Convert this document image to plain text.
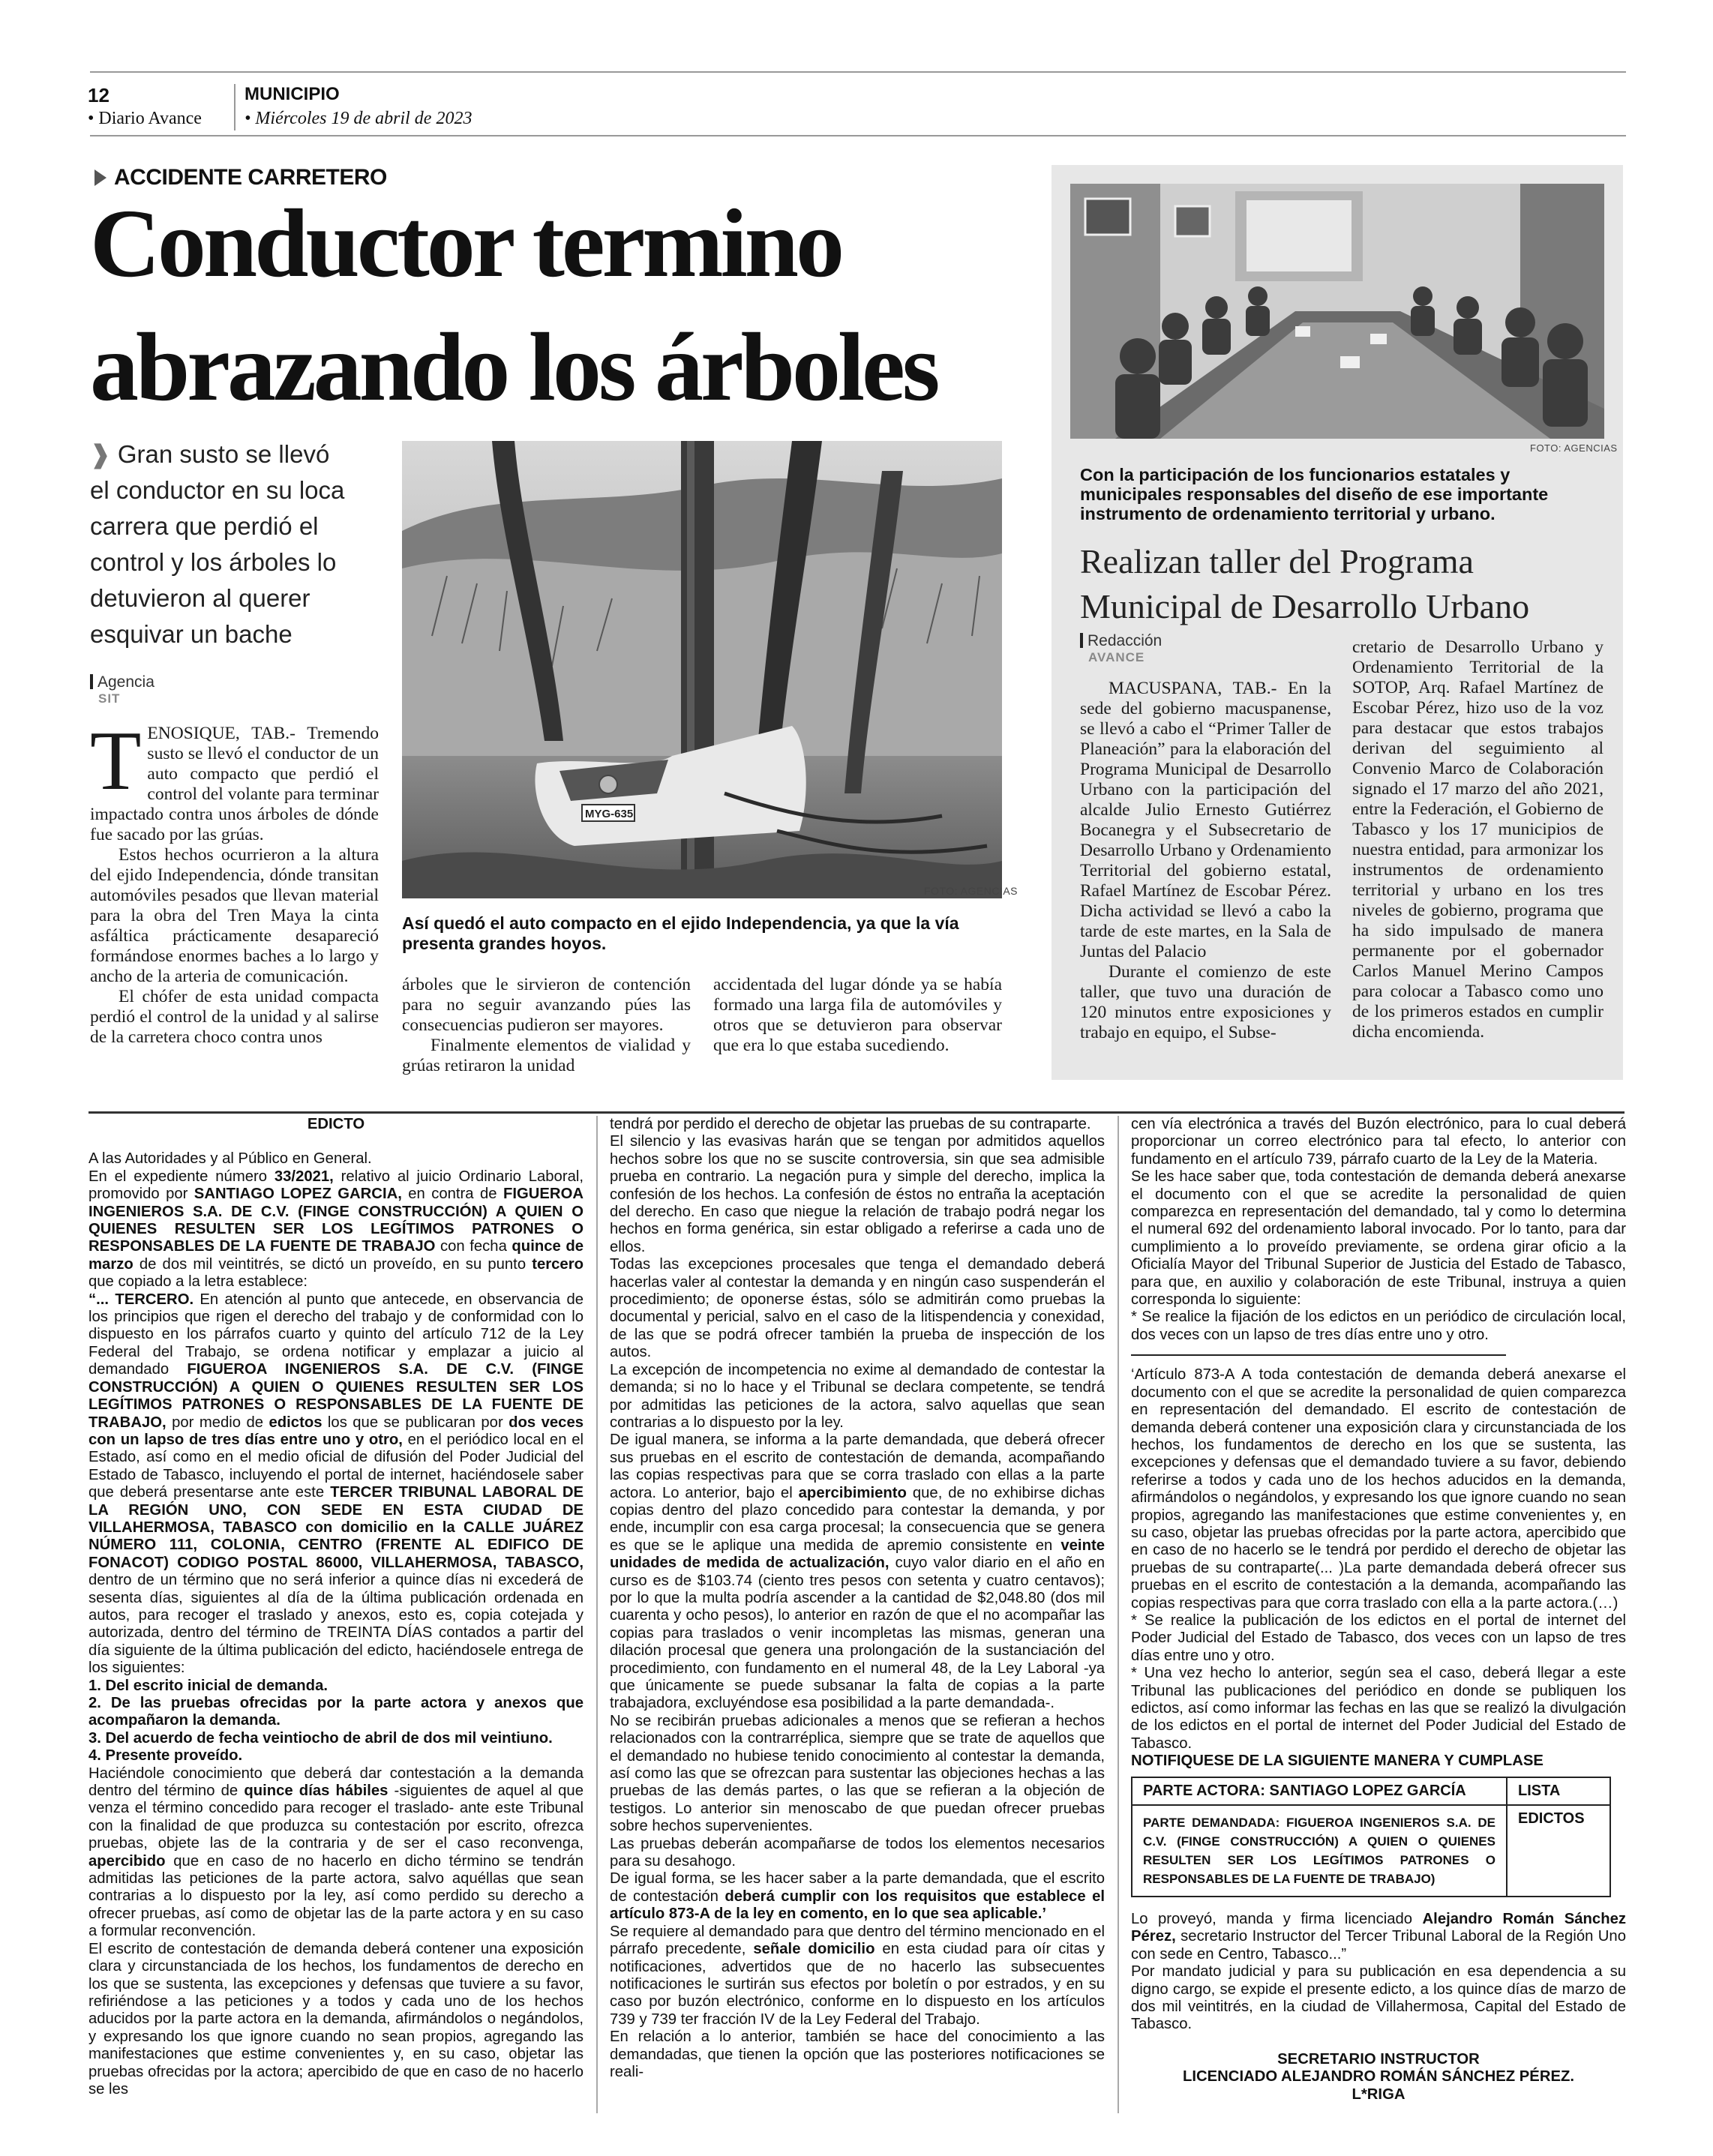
12
• Diario Avance
MUNICIPIO
• Miércoles 19 de abril de 2023
ACCIDENTE CARRETERO
Conductor termino
abrazando los árboles
❱ Gran susto se llevó el conductor en su loca carrera que perdió el control y los árboles lo detuvieron al querer esquivar un bache
Agencia
SIT

TENOSIQUE, TAB.- Tremendo susto se llevó el conductor de un auto compacto que perdió el control del volante para terminar impactado contra unos árboles de dónde fue sacado por las grúas.

Estos hechos ocurrieron a la altura del ejido Independencia, dónde transitan automóviles pesados que llevan material para la obra del Tren Maya la cinta asfáltica prácticamente desapareció formándose enormes baches a lo largo y ancho de la arteria de comunicación.

El chófer de esta unidad compacta perdió el control de la unidad y al salirse de la carretera choco contra unos

MYG-635
FOTO: AGENCIAS
Así quedó el auto compacto en el ejido Independencia, ya que la vía presenta grandes hoyos.

árboles que le sirvieron de contención para no seguir avanzando púes las consecuencias pudieron ser mayores.

Finalmente elementos de vialidad y grúas retiraron la unidad

accidentada del lugar dónde ya se había formado una larga fila de automóviles y otros que se detuvieron para observar que era lo que estaba sucediendo.

FOTO: AGENCIAS
Con la participación de los funcionarios estatales y municipales responsables del diseño de ese importante instrumento de ordenamiento territorial y urbano.
Realizan taller del Programa
Municipal de Desarrollo Urbano
Redacción
AVANCE

MACUSPANA, TAB.- En la sede del gobierno macuspanense, se llevó a cabo el “Primer Taller de Planeación” para la elaboración del Programa Municipal de Desarrollo Urbano con la participación del alcalde Julio Ernesto Gutiérrez Bocanegra y el Subsecretario de Desarrollo Urbano y Ordenamiento Territorial del gobierno estatal, Rafael Martínez de Escobar Pérez. Dicha actividad se llevó a cabo la tarde de este martes, en la Sala de Juntas del Palacio

Durante el comienzo de este taller, que tuvo una duración de 120 minutos entre exposiciones y trabajo en equipo, el Subse-

cretario de Desarrollo Urbano y Ordenamiento Territorial de la SOTOP, Arq. Rafael Martínez de Escobar Pérez, hizo uso de la voz para destacar que estos trabajos derivan del seguimiento al Convenio Marco de Colaboración signado el 17 marzo del año 2021, entre la Federación, el Gobierno de Tabasco y los 17 municipios de nuestra entidad, para armonizar los instrumentos de ordenamiento territorial y urbano en los tres niveles de gobierno, programa que ha sido impulsado de manera permanente por el gobernador Carlos Manuel Merino Campos para colocar a Tabasco como uno de los primeros estados en cumplir dicha encomienda.

EDICTO

A las Autoridades y al Público en General.

En el expediente número 33/2021, relativo al juicio Ordinario Laboral, promovido por SANTIAGO LOPEZ GARCIA, en contra de FIGUEROA INGENIEROS S.A. DE C.V. (FINGE CONSTRUCCIÓN) A QUIEN O QUIENES RESULTEN SER LOS LEGÍTIMOS PATRONES O RESPONSABLES DE LA FUENTE DE TRABAJO con fecha quince de marzo de dos mil veintitrés, se dictó un proveído, en su punto tercero que copiado a la letra establece:

“... TERCERO. En atención al punto que antecede, en observancia de los principios que rigen el derecho del trabajo y de conformidad con lo dispuesto en los párrafos cuarto y quinto del artículo 712 de la Ley Federal del Trabajo, se ordena notificar y emplazar a juicio al demandado FIGUEROA INGENIEROS S.A. DE C.V. (FINGE CONSTRUCCIÓN) A QUIEN O QUIENES RESULTEN SER LOS LEGÍTIMOS PATRONES O RESPONSABLES DE LA FUENTE DE TRABAJO, por medio de edictos los que se publicaran por dos veces con un lapso de tres días entre uno y otro, en el periódico local en el Estado, así como en el medio oficial de difusión del Poder Judicial del Estado de Tabasco, incluyendo el portal de internet, haciéndosele saber que deberá presentarse ante este TERCER TRIBUNAL LABORAL DE LA REGIÓN UNO, CON SEDE EN ESTA CIUDAD DE VILLAHERMOSA, TABASCO con domicilio en la CALLE JUÁREZ NÚMERO 111, COLONIA, CENTRO (FRENTE AL EDIFICO DE FONACOT) CODIGO POSTAL 86000, VILLAHERMOSA, TABASCO, dentro de un término que no será inferior a quince días ni excederá de sesenta días, siguientes al día de la última publicación ordenada en autos, para recoger el traslado y anexos, esto es, copia cotejada y autorizada, dentro del término de TREINTA DÍAS contados a partir del día siguiente de la última publicación del edicto, haciéndosele entrega de los siguientes:

1. Del escrito inicial de demanda.

2. De las pruebas ofrecidas por la parte actora y anexos que acompañaron la demanda.

3. Del acuerdo de fecha veintiocho de abril de dos mil veintiuno.

4. Presente proveído.

Haciéndole conocimiento que deberá dar contestación a la demanda dentro del término de quince días hábiles -siguientes de aquel al que venza el término concedido para recoger el traslado- ante este Tribunal con la finalidad de que produzca su contestación por escrito, ofrezca pruebas, objete las de la contraria y de ser el caso reconvenga, apercibido que en caso de no hacerlo en dicho término se tendrán admitidas las peticiones de la parte actora, salvo aquéllas que sean contrarias a lo dispuesto por la ley, así como perdido su derecho a ofrecer pruebas, así como de objetar las de la parte actora y en su caso a formular reconvención.

El escrito de contestación de demanda deberá contener una exposición clara y circunstanciada de los hechos, los fundamentos de derecho en los que se sustenta, las excepciones y defensas que tuviere a su favor, refiriéndose a las peticiones y a todos y cada uno de los hechos aducidos por la parte actora en la demanda, afirmándolos o negándolos, y expresando los que ignore cuando no sean propios, agregando las manifestaciones que estime convenientes y, en su caso, objetar las pruebas ofrecidas por la actora; apercibido de que en caso de no hacerlo se les

tendrá por perdido el derecho de objetar las pruebas de su contraparte.

El silencio y las evasivas harán que se tengan por admitidos aquellos hechos sobre los que no se suscite controversia, sin que sea admisible prueba en contrario. La negación pura y simple del derecho, implica la confesión de los hechos. La confesión de éstos no entraña la aceptación del derecho. En caso que niegue la relación de trabajo podrá negar los hechos en forma genérica, sin estar obligado a referirse a cada uno de ellos.

Todas las excepciones procesales que tenga el demandado deberá hacerlas valer al contestar la demanda y en ningún caso suspenderán el procedimiento; de oponerse éstas, sólo se admitirán como pruebas la documental y pericial, salvo en el caso de la litispendencia y conexidad, de las que se podrá ofrecer también la prueba de inspección de los autos.

La excepción de incompetencia no exime al demandado de contestar la demanda; si no lo hace y el Tribunal se declara competente, se tendrá por admitidas las peticiones de la actora, salvo aquellas que sean contrarias a lo dispuesto por la ley.

De igual manera, se informa a la parte demandada, que deberá ofrecer sus pruebas en el escrito de contestación de demanda, acompañando las copias respectivas para que se corra traslado con ellas a la parte actora. Lo anterior, bajo el apercibimiento que, de no exhibirse dichas copias dentro del plazo concedido para contestar la demanda, y por ende, incumplir con esa carga procesal; la consecuencia que se genera es que se le aplique una medida de apremio consistente en veinte unidades de medida de actualización, cuyo valor diario en el año en curso es de $103.74 (ciento tres pesos con setenta y cuatro centavos); por lo que la multa podría ascender a la cantidad de $2,048.80 (dos mil cuarenta y ocho pesos), lo anterior en razón de que el no acompañar las copias para traslados o venir incompletas las mismas, generan una dilación procesal que genera una prolongación de la sustanciación del procedimiento, con fundamento en el numeral 48, de la Ley Laboral -ya que únicamente se puede subsanar la falta de copias a la parte trabajadora, excluyéndose esa posibilidad a la parte demandada-.

No se recibirán pruebas adicionales a menos que se refieran a hechos relacionados con la contrarréplica, siempre que se trate de aquellos que el demandado no hubiese tenido conocimiento al contestar la demanda, así como las que se ofrezcan para sustentar las objeciones hechas a las pruebas de las demás partes, o las que se refieran a la objeción de testigos. Lo anterior sin menoscabo de que puedan ofrecer pruebas sobre hechos supervenientes.

Las pruebas deberán acompañarse de todos los elementos necesarios para su desahogo.

De igual forma, se les hacer saber a la parte demandada, que el escrito de contestación deberá cumplir con los requisitos que establece el artículo 873-A de la ley en comento, en lo que sea aplicable.’

Se requiere al demandado para que dentro del término mencionado en el párrafo precedente, señale domicilio en esta ciudad para oír citas y notificaciones, advertidos que de no hacerlo las subsecuentes notificaciones le surtirán sus efectos por boletín o por estrados, y en su caso por buzón electrónico, conforme en lo dispuesto en los artículos 739 y 739 ter fracción IV de la Ley Federal del Trabajo.

En relación a lo anterior, también se hace del conocimiento a las demandadas, que tienen la opción que las posteriores notificaciones se reali-

cen vía electrónica a través del Buzón electrónico, para lo cual deberá proporcionar un correo electrónico para tal efecto, lo anterior con fundamento en el artículo 739, párrafo cuarto de la Ley de la Materia.

Se les hace saber que, toda contestación de demanda deberá anexarse el documento con el que se acredite la personalidad de quien comparezca en representación del demandado, tal y como lo determina el numeral 692 del ordenamiento laboral invocado. Por lo tanto, para dar cumplimiento a lo proveído previamente, se ordena girar oficio a la Oficialía Mayor del Tribunal Superior de Justicia del Estado de Tabasco, para que, en auxilio y colaboración de este Tribunal, instruya a quien corresponda lo siguiente:

* Se realice la fijación de los edictos en un periódico de circulación local, dos veces con un lapso de tres días entre uno y otro.

‘Artículo 873-A A toda contestación de demanda deberá anexarse el documento con el que se acredite la personalidad de quien comparezca en representación del demandado. El escrito de contestación de demanda deberá contener una exposición clara y circunstanciada de los hechos, los fundamentos de derecho en los que se sustenta, las excepciones y defensas que el demandado tuviere a su favor, debiendo referirse a todos y cada uno de los hechos aducidos en la demanda, afirmándolos o negándolos, y expresando los que ignore cuando no sean propios, agregando las manifestaciones que estime convenientes y, en su caso, objetar las pruebas ofrecidas por la parte actora, apercibido que en caso de no hacerlo se le tendrá por perdido el derecho de objetar las pruebas de su contraparte(... )La parte demandada deberá ofrecer sus pruebas en el escrito de contestación a la demanda, acompañando las copias respectivas para que corra traslado con ella a la parte actora.(…)

* Se realice la publicación de los edictos en el portal de internet del Poder Judicial del Estado de Tabasco, dos veces con un lapso de tres días entre uno y otro.

* Una vez hecho lo anterior, según sea el caso, deberá llegar a este Tribunal las publicaciones del periódico en donde se publiquen los edictos, así como informar las fechas en las que se realizó la divulgación de los edictos en el portal de internet del Poder Judicial del Estado de Tabasco.

NOTIFIQUESE DE LA SIGUIENTE MANERA Y CUMPLASE

PARTE ACTORA: SANTIAGO LOPEZ GARCÍA	LISTA
PARTE DEMANDADA: FIGUEROA INGENIEROS S.A. DE C.V. (FINGE CONSTRUCCIÓN) A QUIEN O QUIENES RESULTEN SER LOS LEGÍTIMOS PATRONES O RESPONSABLES DE LA FUENTE DE TRABAJO)	EDICTOS

Lo proveyó, manda y firma licenciado Alejandro Román Sánchez Pérez, secretario Instructor del Tercer Tribunal Laboral de la Región Uno con sede en Centro, Tabasco...”

Por mandato judicial y para su publicación en esa dependencia a su digno cargo, se expide el presente edicto, a los quince días de marzo de dos mil veintitrés, en la ciudad de Villahermosa, Capital del Estado de Tabasco.

SECRETARIO INSTRUCTOR

LICENCIADO ALEJANDRO ROMÁN SÁNCHEZ PÉREZ.

L*RIGA
